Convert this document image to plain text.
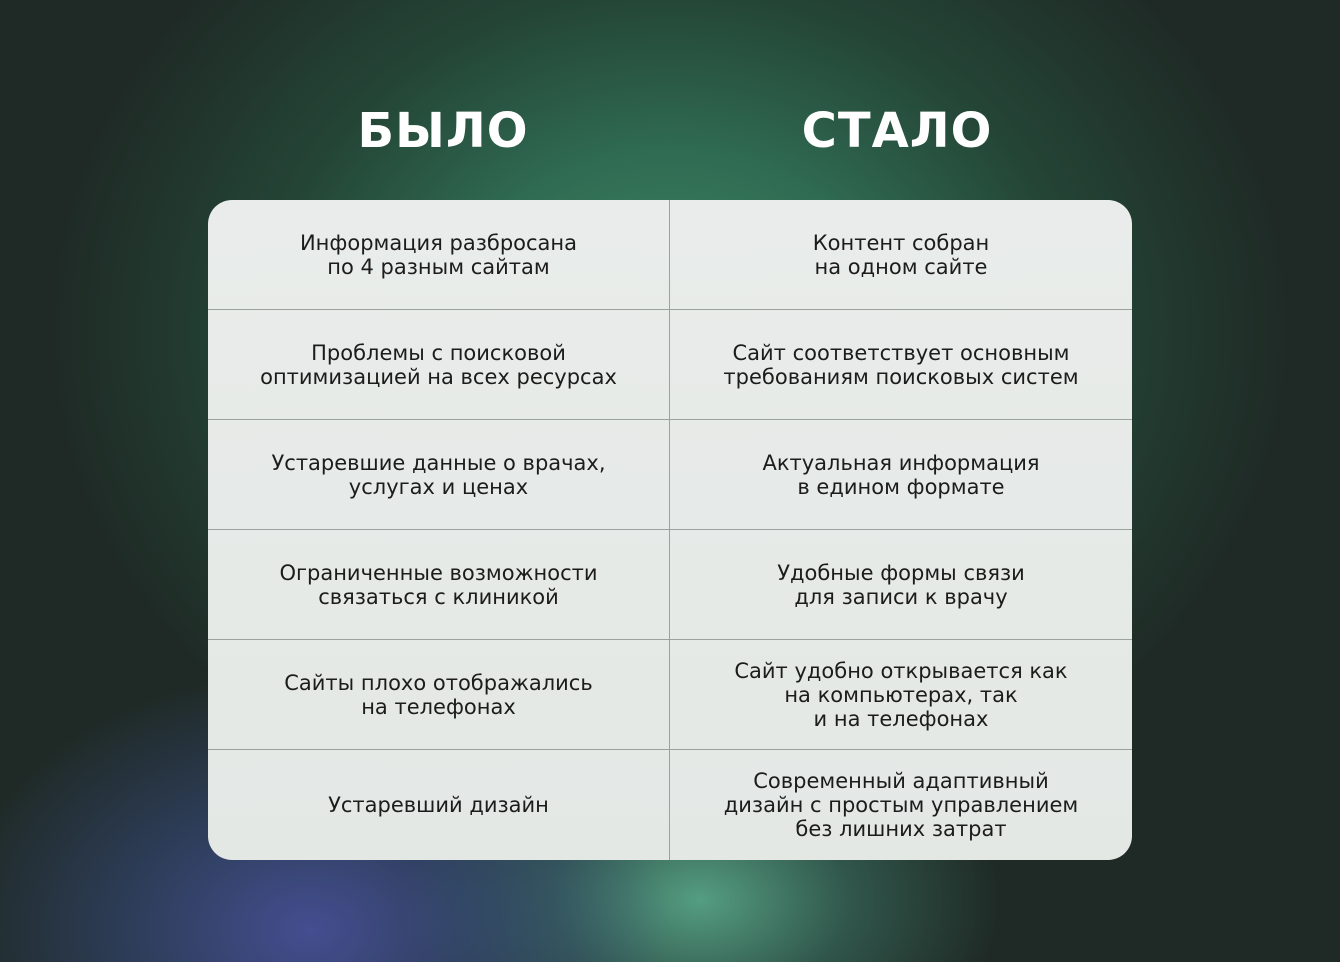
БЫЛО	СТАЛО
Информация разбросана
по 4 разным сайтам
Контент собран
на одном сайте
Проблемы с поисковой
оптимизацией на всех ресурсах
Сайт соответствует основным
требованиям поисковых систем
Устаревшие данные о врачах,
услугах и ценах
Актуальная информация
в едином формате
Ограниченные возможности
связаться с клиникой
Удобные формы связи
для записи к врачу
Сайты плохо отображались
на телефонах
Сайт удобно открывается как
на компьютерах, так
и на телефонах
Устаревший дизайн
Современный адаптивный
дизайн с простым управлением
без лишних затрат
